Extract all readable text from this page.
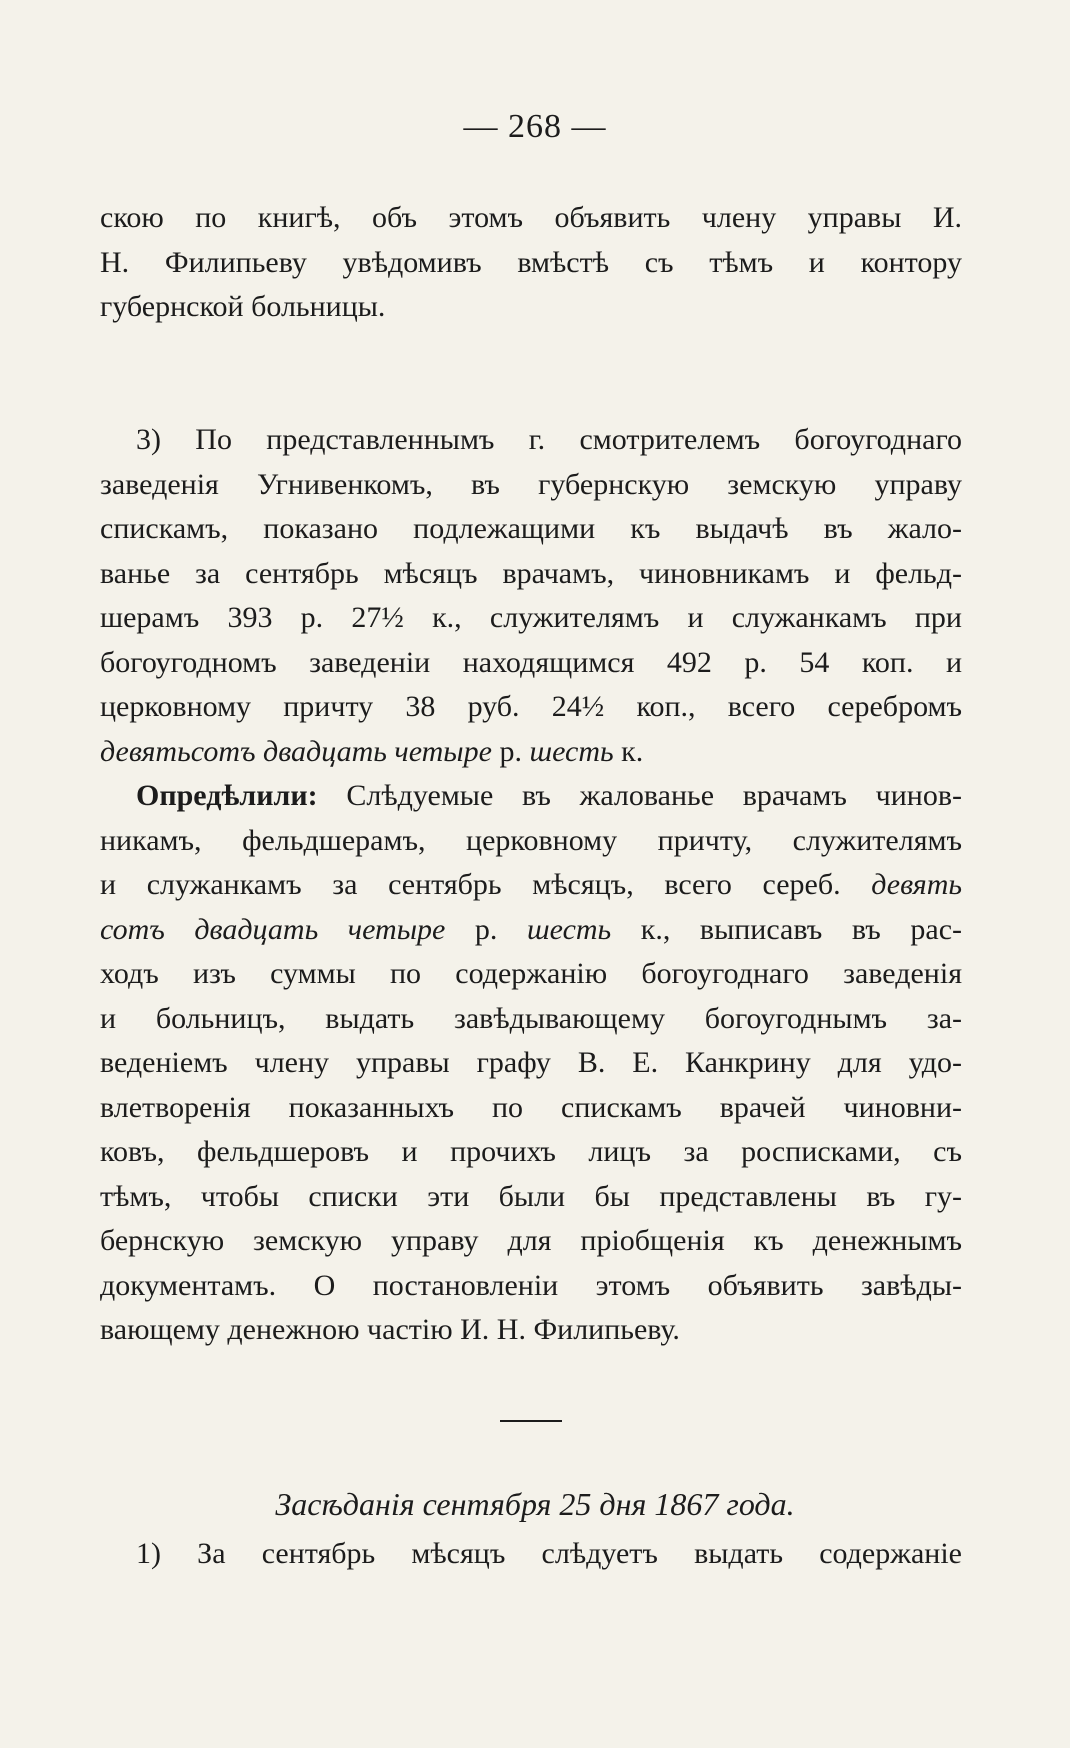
— 268 —
скою по книгѣ, объ этомъ объявить члену управы И.
Н. Филипьеву увѣдомивъ вмѣстѣ съ тѣмъ и контору
губернской больницы.
3) По представленнымъ г. смотрителемъ богоугоднаго
заведенія Угнивенкомъ, въ губернскую земскую управу
спискамъ, показано подлежащими къ выдачѣ въ жало-
ванье за сентябрь мѣсяцъ врачамъ, чиновникамъ и фельд-
шерамъ 393 р. 27½ к., служителямъ и служанкамъ при
богоугодномъ заведеніи находящимся 492 р. 54 коп. и
церковному причту 38 руб. 24½ коп., всего серебромъ
девятьсотъ двадцать четыре р. шесть к.
Опредѣлили: Слѣдуемые въ жалованье врачамъ чинов-
никамъ, фельдшерамъ, церковному причту, служителямъ
и служанкамъ за сентябрь мѣсяцъ, всего сереб. девять
сотъ двадцать четыре р. шесть к., выписавъ въ рас-
ходъ изъ суммы по содержанію богоугоднаго заведенія
и больницъ, выдать завѣдывающему богоугоднымъ за-
веденіемъ члену управы графу В. Е. Канкрину для удо-
влетворенія показанныхъ по спискамъ врачей чиновни-
ковъ, фельдшеровъ и прочихъ лицъ за росписками, съ
тѣмъ, чтобы списки эти были бы представлены въ гу-
бернскую земскую управу для пріобщенія къ денежнымъ
документамъ. О постановленіи этомъ объявить завѣды-
вающему денежною частію И. Н. Филипьеву.
Засѣданія сентября 25 дня 1867 года.
1) За сентябрь мѣсяцъ слѣдуетъ выдать содержаніе
